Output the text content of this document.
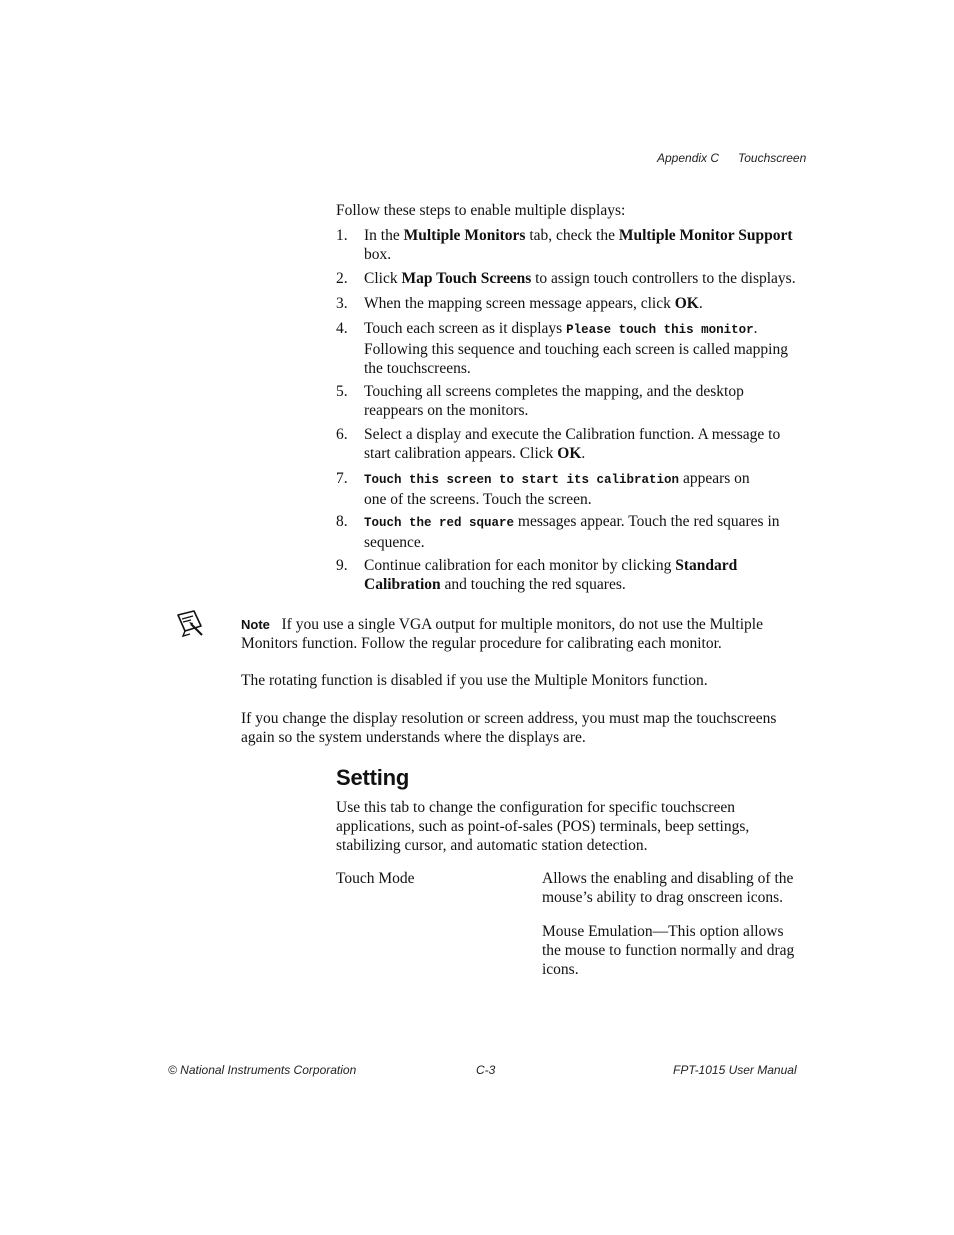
Appendix C Touchscreen
Follow these steps to enable multiple displays:
1.	In the Multiple Monitors tab, check the Multiple Monitor Support
box.
2.	Click Map Touch Screens to assign touch controllers to the displays.
3.	When the mapping screen message appears, click OK.
4.	Touch each screen as it displays Please touch this monitor.
Following this sequence and touching each screen is called mapping
the touchscreens.
5.	Touching all screens completes the mapping, and the desktop
reappears on the monitors.
6.	Select a display and execute the Calibration function. A message to
start calibration appears. Click OK.
7.	Touch this screen to start its calibration appears on
one of the screens. Touch the screen.
8.	Touch the red square messages appear. Touch the red squares in
sequence.
9.	Continue calibration for each monitor by clicking Standard
Calibration and touching the red squares.
Note If you use a single VGA output for multiple monitors, do not use the Multiple
Monitors function. Follow the regular procedure for calibrating each monitor.
The rotating function is disabled if you use the Multiple Monitors function.
If you change the display resolution or screen address, you must map the touchscreens
again so the system understands where the displays are.
Setting
Use this tab to change the configuration for specific touchscreen
applications, such as point-of-sales (POS) terminals, beep settings,
stabilizing cursor, and automatic station detection.
Touch Mode	Allows the enabling and disabling of the
mouse’s ability to drag onscreen icons.
Mouse Emulation—This option allows
the mouse to function normally and drag
icons.
© National Instruments Corporation	C-3	FPT-1015 User Manual
